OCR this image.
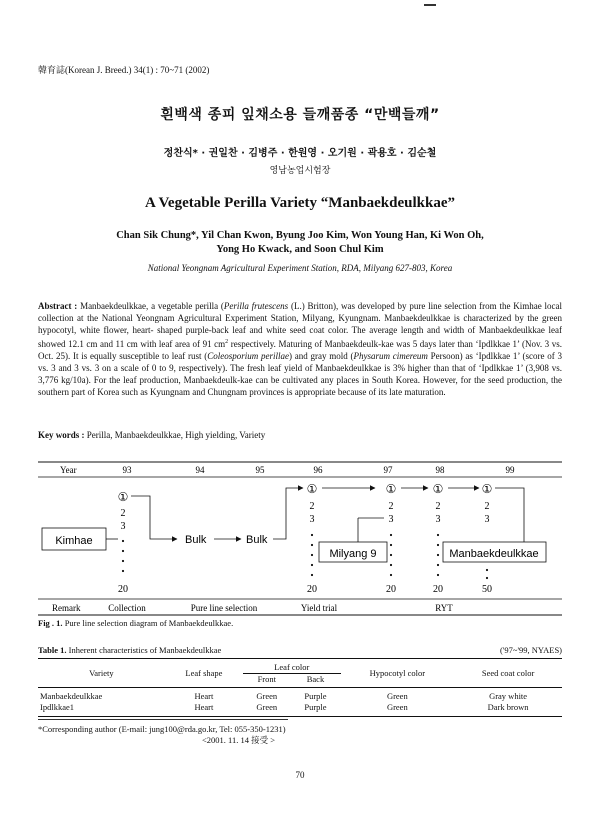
韓育誌(Korean J. Breed.) 34(1) : 70~71 (2002)
흰백색 종피 잎채소용 들깨품종 “만백들깨”
정찬식* · 권일찬 · 김병주 · 한원영 · 오기원 · 곽용호 · 김순철
영남농업시험장
A Vegetable Perilla Variety “Manbaekdeulkkae”
Chan Sik Chung*, Yil Chan Kwon, Byung Joo Kim, Won Young Han, Ki Won Oh,
Yong Ho Kwack, and Soon Chul Kim
National Yeongnam Agricultural Experiment Station, RDA, Milyang 627-803, Korea
Abstract : Manbaekdeulkkae, a vegetable perilla (Perilla frutescens (L.) Britton), was developed by pure line selection from the Kimhae local collection at the National Yeongnam Agricultural Experiment Station, Milyang, Kyungnam. Manbaekdeulkkae is characterized by the green hypocotyl, white flower, heart- shaped purple-back leaf and white seed coat color. The average length and width of Manbaekdeulkkae leaf showed 12.1 cm and 11 cm with leaf area of 91 $cm^2$ respectively. Maturing of Manbaekdeulk-kae was 5 days later than ‘Ipdlkkae 1’ (Nov. 3 vs. Oct. 25). It is equally susceptible to leaf rust (Coleosporium perillae) and gray mold (Physarum cimereum Persoon) as ‘Ipdlkkae 1’ (score of 3 vs. 3 and 3 vs. 3 on a scale of 0 to 9, respectively). The fresh leaf yield of Manbaekdeulkkae is 3% higher than that of ‘Ipdlkkae 1’ (3,908 vs. 3,776 kg/10a). For the leaf production, Manbaekdeulk-kae can be cultivated any places in South Korea. However, for the seed production, the southern part of Korea such as Kyungnam and Chungnam provinces is appropriate because of its late maturation.
Key words : Perilla, Manbaekdeulkkae, High yielding, Variety
Year	93	94	95	96	97	98	99
Kimhae
①
2
3
20
Bulk	Bulk
①
2
3
20
Milyang 9
①
2
3
20
①
2
3
20
①
2
3
50
Manbaekdeulkkae
Remark	Collection	Pure line selection	Yield trial	RYT
Fig . 1. Pure line selection diagram of Manbaekdeulkkae.
Table 1. Inherent characteristics of Manbaekdeulkkae	('97~'99, NYAES)
Variety	Leaf shape	Leaf color		Hypocotyl color	Seed coat color
		Front	Back		
Manbaekdeulkkae	Heart	Green	Purple	Green	Gray white
Ipdlkkae1	Heart	Green	Purple	Green	Dark brown
*Corresponding author (E-mail: jung100@rda.go.kr, Tel: 055-350-1231)
<2001. 11. 14 接受 >
70
